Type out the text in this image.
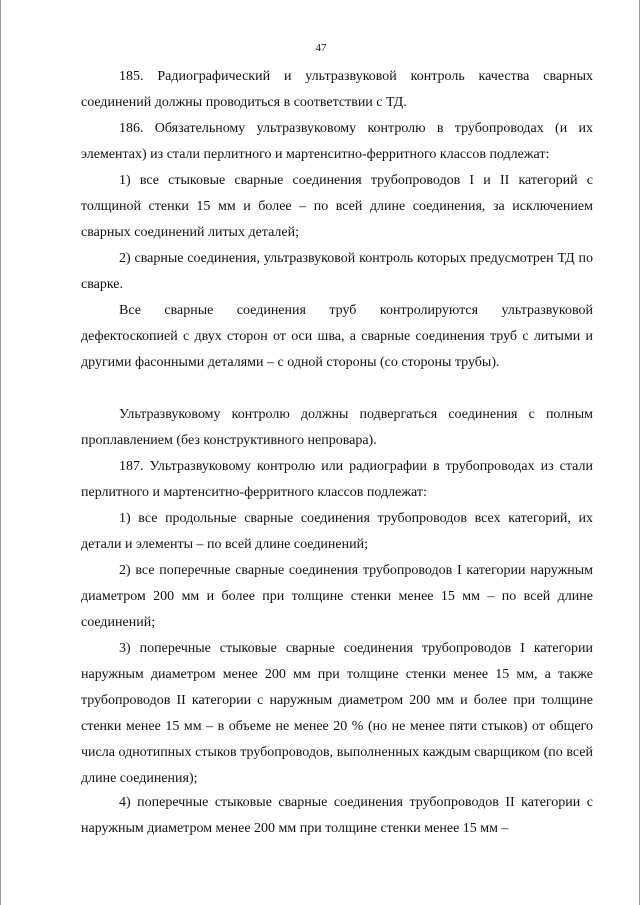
47

185. Радиографический и ультразвуковой контроль качества сварных соединений должны проводиться в соответствии с ТД.

186. Обязательному ультразвуковому контролю в трубопроводах (и их элементах) из стали перлитного и мартенситно-ферритного классов подлежат:

1) все стыковые сварные соединения трубопроводов I и II категорий с толщиной стенки 15 мм и более – по всей длине соединения, за исключением сварных соединений литых деталей;

2) сварные соединения, ультразвуковой контроль которых предусмотрен ТД по сварке.

Все сварные соединения труб контролируются ультразвуковой дефектоскопией с двух сторон от оси шва, а сварные соединения труб с литыми и другими фасонными деталями – с одной стороны (со стороны трубы).

Ультразвуковому контролю должны подвергаться соединения с полным проплавлением (без конструктивного непровара).

187. Ультразвуковому контролю или радиографии в трубопроводах из стали перлитного и мартенситно-ферритного классов подлежат:

1) все продольные сварные соединения трубопроводов всех категорий, их детали и элементы – по всей длине соединений;

2) все поперечные сварные соединения трубопроводов I категории наружным диаметром 200 мм и более при толщине стенки менее 15 мм – по всей длине соединений;

3) поперечные стыковые сварные соединения трубопроводов I категории наружным диаметром менее 200 мм при толщине стенки менее 15 мм, а также трубопроводов II категории с наружным диаметром 200 мм и более при толщине стенки менее 15 мм – в объеме не менее 20 % (но не менее пяти стыков) от общего числа однотипных стыков трубопроводов, выполненных каждым сварщиком (по всей длине соединения);

4) поперечные стыковые сварные соединения трубопроводов II категории с наружным диаметром менее 200 мм при толщине стенки менее 15 мм –
